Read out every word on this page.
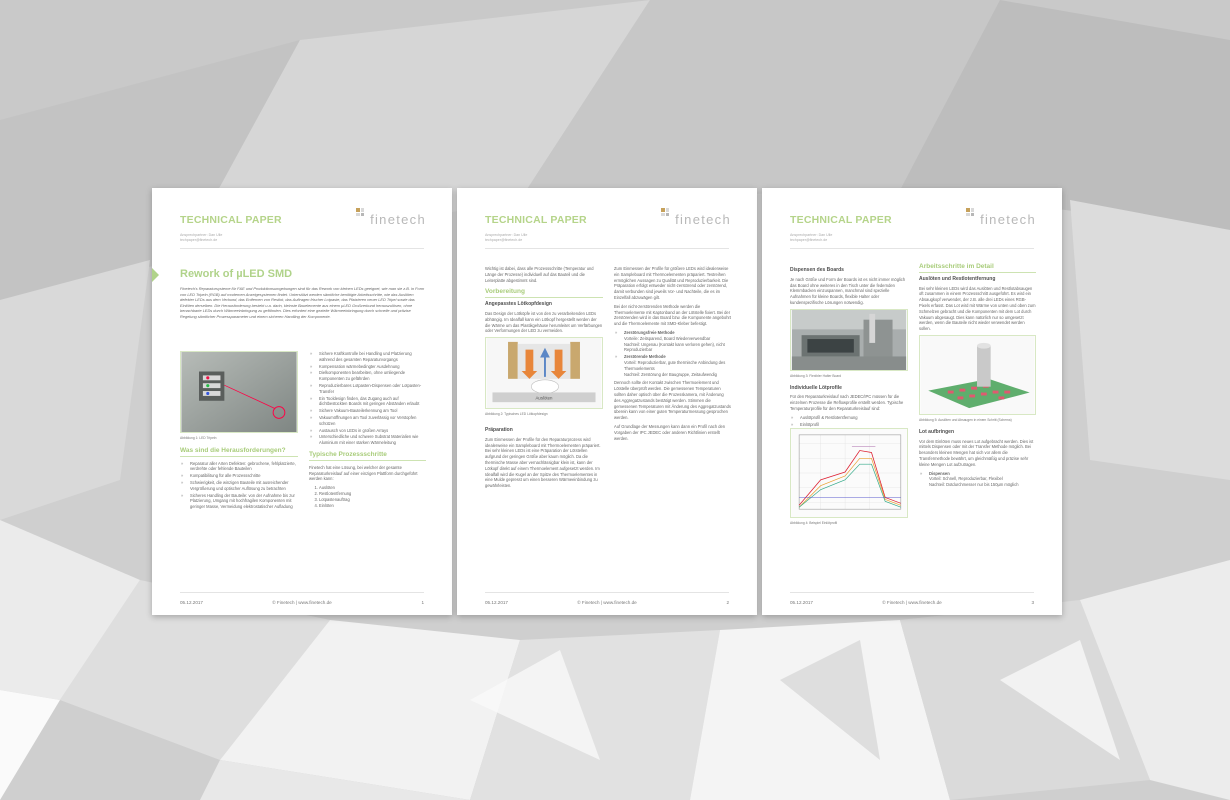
TECHNICAL PAPER
Ansprechpartner: Dan Ulle
techpaper@finetech.de
finetech
Rework of µLED SMD
Finetech's Reparatursysteme für F&E und Produktionsumgebungen sind für das Rework von kleinen LEDs geeignet, wie man sie z.B. in Form von LED Tripeln (RGB) auf modernen Anzeigesystemen findet. Unterstützt werden sämtliche benötigte Arbeitsschritte, wie das Auslöten defekter LEDs aus dem Verbund, das Entfernen von Restlot, das Auftragen frischer Lotpaste, das Platzieren neuer LED Tripel sowie das Einlöten derselben. Die Herausforderung besteht u.a. darin, kleinste Bauelemente aus einem µLED Großverbund herauszulösen, ohne benachbarte LEDs durch Wärmeeinbringung zu gefährden. Dies erfordert eine gezielte Wärmeeinbringung durch schnelle und präzise Regelung sämtlicher Prozessparameter und einem sicheren Handling der Komponente.
Abbildung 1: LED Tripeln
Was sind die Herausforderungen?
» Reparatur aller Arten Defekten: gebrochene, fehlplatzierte, verdrehte oder fehlende Bauteilen
» Kompatibilitung für alle Prozessschritte
» Schwierigkeit, die winzigen Bauteile mit ausreichender Vergrößerung und optischer Auflösung zu betrachten
» Sicheres Handling der Bauteile: von der Aufnahme bis zur Platzierung, Umgang mit hochfragilen Komponenten mit geringer Masse, Vermeidung elektrostatischer Aufladung
» Sichere Kraftkontrolle bei Handling und Platzierung während des gesamten Reparaturvorgangs
» Kompensation wärmebedingter Ausdehnung
» Dielkomponenten bearbeiten, ohne umliegende Komponenten zu gefährden
» Reproduzierbares Lotpasten-Dispensen oder Lotpasten-Transfer
» Ein Tooldesign finden, das Zugang auch auf dichtbestückten Boards mit geringen Abständen erlaubt
» Sichere Vakuum-Bauteilerkennung am Tool
» Vakuumöffnungen am Tool zuverlässig vor Verstopfen schützen
» Austausch von LEDs in großen Arrays
» Unterschiedliche und schwere Substrat Materialien wie Aluminium mit einer starken Wärmeleitung
Typische Prozessschritte

Finetech hat eine Lösung, bei welcher der gesamte Reparaturkreislauf auf einer einzigen Plattform durchgeführt werden kann:

1. Auslöten
2. Restlotentfernung
3. Lotpastenauftrag
4. Einlöten
05.12.2017	© Finetech | www.finetech.de	1
TECHNICAL PAPER
Ansprechpartner: Dan Ulle
techpaper@finetech.de
finetech

Wichtig ist dabei, dass alle Prozessschritte (Temperatur und Länge der Prozesse) individuell auf das Bauteil und die Leiterplatte abgestimmt sind.

Vorbereitung
Angepasstes Lötkopfdesign

Das Design der Lötköpfe ist von den zu verarbeitenden LEDs abhängig. Im Idealfall kann ein Lötkopf hergestellt werden der die Wärme um das Plastikgehäuse herumleitet um Verfärbungen oder Verformungen der LED zu vermeiden.

Auslöten
Abbildung 2: Typisches LED Lötkopfdesign
Präparation

Zum Einmessen der Profile für den Reparaturprozess wird idealerweise ein Sampleboard mit Thermoelementen präpariert. Bei sehr kleinen LEDs ist eine Präparation der Lötstellen aufgrund der geringen Größe aber kaum möglich. Da die thermische Masse aber vernachlässigbar klein ist, kann der Lötkopf direkt auf einem Thermoelement aufgesetzt werden. Im Idealfall wird die Kugel an der Spitze des Thermoelementes in eine Mulde gepresst um einen besseren Wärmeeinbindung zu gewährleisten.

Zum Einmessen der Profile für größere LEDs wird idealerweise ein Sampleboard mit Thermoelementen präpariert. Testreihen ermöglichen Aussagen zu Qualität und Reproduzierbarkeit. Die Präparation erfolgt entweder nicht-zerstörend oder zerstörend, damit verbunden sind jeweils Vor- und Nachteile, die es im Einzelfall abzuwägen gilt.

Bei der nicht-zerstörenden Methode werden die Thermoelemente mit Kaptonband an der Lötstelle fixiert. Bei der Zerstörenden wird in das Board bzw. die Komponente angebohrt und die Thermoelemente mit SMD-Kleber befestigt.

» Zerstörungsfreie Methode
Vorteile: Zeitsparend, Board Wiederverwendbar
Nachteil: Ungenau (Kontakt kann verloren gehen), nicht Reproduzierbar
» Zerstörende Methode
Vorteil: Reproduzierbar, gute thermische Anbindung des Thermoelements
Nachteil: Zerstörung der Baugruppe, Zeitaufwendig

Dennoch sollte der Kontakt zwischen Thermoelement und Lötstelle überprüft werden. Die gemessenen Temperaturen sollten daher optisch über die Prozesskamera, mit Änderung des Aggregatzustands bestätigt werden. Stimmen die gemessenen Temperaturen mit Änderung des Aggregatzustands überein kann von einer guten Temperaturmessung gesprochen werden.

Auf Grundlage der Messungen kann dann ein Profil nach den Vorgaben der IPC JEDEC oder anderen Richtlinien erstellt werden.

05.12.2017	© Finetech | www.finetech.de	2
TECHNICAL PAPER
Ansprechpartner: Dan Ulle
techpaper@finetech.de
finetech
Dispensen des Boards

Je nach Größe und Form der Boards ist es nicht immer möglich das Board ohne weiteres in den Tisch unter die federnden Klemmbacken einzuspannen, manchmal sind spezielle Aufnahmen für kleine Boards, flexible Halter oder kundenspezifische Lösungen notwendig.

Abbildung 3: Flexibler Halter Board
Individuelle Lötprofile

Für den Reparaturkreislauf nach JEDEC/IPC müssen für die einzelnen Prozesse die Reflowprofile erstellt werden. Typische Temperaturprofile für den Reparaturkreislauf sind:

» Auslötprofil & Restlotentfernung
» Einlötprofil
Abbildung 4: Beispiel Einlötprofil
Arbeitsschritte im Detail
Auslöten und Restlotentfernung

Bei sehr kleinen LEDs wird das Auslöten und Restlotabsaugen oft zusammen in einem Prozessschritt ausgeführt. Es wird ein Absaugkopf verwendet, der z.B. alle drei LEDs eines RGB-Pixels erfasst. Das Lot wird mit Wärme von unten und oben zum Schmelzen gebracht und die Komponenten mit dem Lot durch Vakuum abgesaugt. Dies kann natürlich nur so umgesetzt werden, wenn die Bauteile nicht wieder verwendet werden sollen.

Abbildung 5: Auslöten und Absaugen in einem Schritt (Schema)
Lot aufbringen

Vor dem Einlöten muss neues Lot aufgebracht werden. Dies ist mittels Dispensen oder mit der Transfer Methode möglich. Bei besonders kleinen Mengen hat sich vor allem die Transfermethode bewährt, um gleichmäßig und präzise sehr kleine Mengen Lot aufzutragen.

» Dispensen
Vorteil: Schnell, Reproduzierbar, Flexibel
Nachteil: Dotdurchmesser nur bis 150µm möglich
05.12.2017	© Finetech | www.finetech.de	3
